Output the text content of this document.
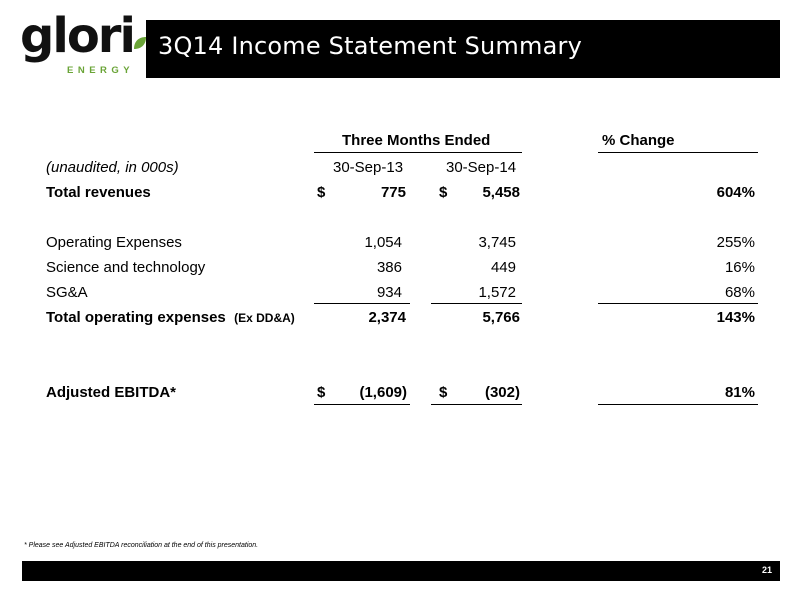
glori
ENERGY
3Q14 Income Statement Summary
Three Months Ended	% Change
(unaudited, in 000s)	30-Sep-13	30-Sep-14
Total revenues	$	775 $	5,458	604%
Operating Expenses	1,054	3,745	255%
Science and technology	386	449	16%
SG&A	934	1,572	68%
Total operating expenses (Ex DD&A)	2,374	5,766	143%
Adjusted EBITDA*	$	(1,609) $	(302)	81%
* Please see Adjusted EBITDA reconciliation at the end of this presentation.
21
